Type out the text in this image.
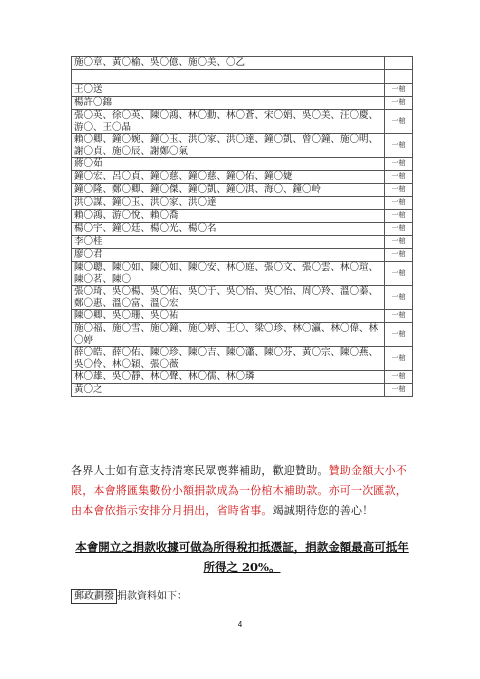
施〇章、黃〇榆、吳〇億、施〇美、〇乙	

王〇送	一棺
楊許〇錦	一棺
張〇英、徐〇英、陳〇鴻、林〇勳、林〇蒼、宋〇娟、吳〇美、汪〇慶、游〇、王〇晶	一棺
賴〇卿、鐘〇婉、鐘〇玉、洪〇家、洪〇達、鐘〇凱、曾〇鐘、施〇明、謝〇貞、施〇辰、謝鄭〇氣	一棺
蔣〇茹	一棺
鐘〇宏、呂〇貞、鐘〇慈、鐘〇慈、鐘〇佑、鐘〇婕	一棺
鐘〇隆、鄭〇卿、鐘〇傑、鐘〇凱、鐘〇淇、海〇、鐘〇岭	一棺
洪〇謀、鐘〇玉、洪〇家、洪〇達	一棺
賴〇鴻、游〇悅、賴〇喬	一棺
楊〇宇、鐘〇廷、楊〇光、楊〇名	一棺
李〇桂	一棺
廖〇君	一棺
陳〇聰、陳〇如、陳〇如、陳〇安、林〇庭、張〇文、張〇雲、林〇瑄、陳〇茗、陳〇	一棺
張〇琦、吳〇楊、吳〇佑、吳〇于、吳〇怡、吳〇怡、周〇羚、溫〇蓁、鄭〇惠、溫〇富、溫〇宏	一棺
陳〇卿、吳〇珊、吳〇祐	一棺
施〇福、施〇雪、施〇鐘、施〇婷、王〇、梁〇珍、林〇瀛、林〇偉、林〇婷	一棺
薛〇皓、薛〇佑、陳〇珍、陳〇吉、陳〇瀟、陳〇芬、黃〇宗、陳〇燕、吳〇伶、林〇穎、張〇薇	一棺
林〇雄、吳〇靜、林〇聲、林〇儒、林〇璘	一棺
黃〇之	一棺
各界人士如有意支持清寒民眾喪葬補助，歡迎贊助。贊助金額大小不限，本會將匯集數份小額捐款成為一份棺木補助款。亦可一次匯款，由本會依指示安排分月捐出，省時省事。竭誠期待您的善心！
本會開立之捐款收據可做為所得稅扣抵憑証，捐款金額最高可抵年所得之 20%。
郵政劃撥 捐款資料如下：
4
